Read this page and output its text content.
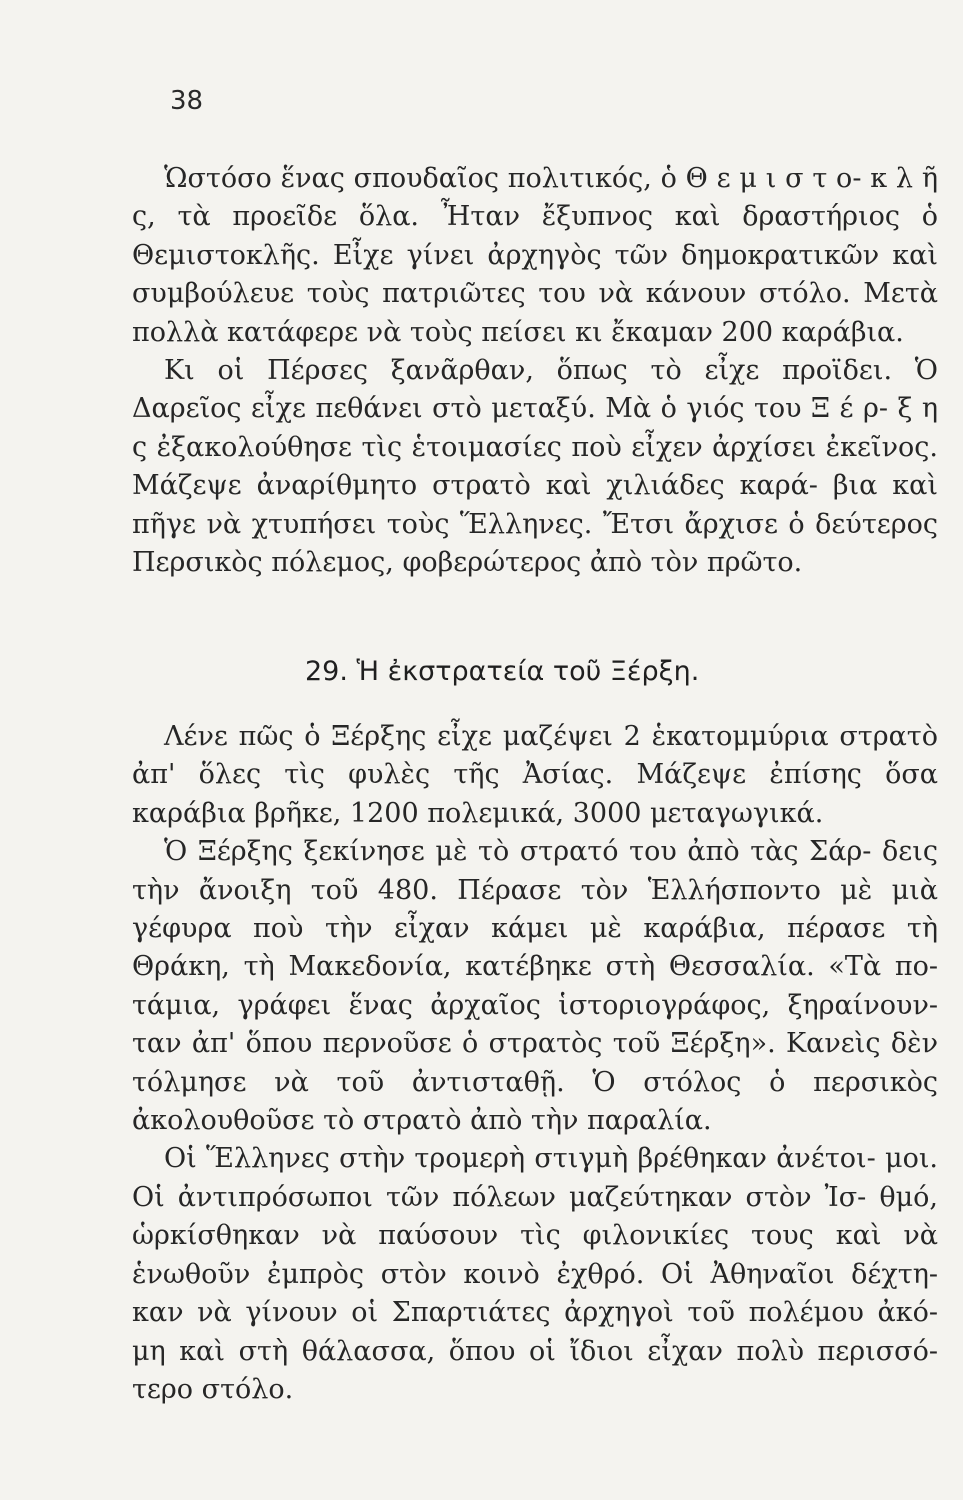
38

Ὡστόσο ἕνας σπουδαῖος πολιτικός, ὁ Θ ε μ ι σ τ ο- κ λ ῆ ς, τὰ προεῖδε ὅλα. Ἦταν ἔξυπνος καὶ δραστήριος ὁ Θεμιστοκλῆς. Εἶχε γίνει ἀρχηγὸς τῶν δημοκρατικῶν καὶ συμβούλευε τοὺς πατριῶτες του νὰ κάνουν στόλο. Μετὰ πολλὰ κατάφερε νὰ τοὺς πείσει κι ἔκαμαν 200 καράβια.

Κι οἱ Πέρσες ξανᾶρθαν, ὅπως τὸ εἶχε προϊδει. Ὁ Δαρεῖος εἶχε πεθάνει στὸ μεταξύ. Μὰ ὁ γιός του Ξ έ ρ- ξ η ς ἐξακολούθησε τὶς ἑτοιμασίες ποὺ εἶχεν ἀρχίσει ἐκεῖνος. Μάζεψε ἀναρίθμητο στρατὸ καὶ χιλιάδες καρά- βια καὶ πῆγε νὰ χτυπήσει τοὺς Ἕλληνες. Ἔτσι ἄρχισε ὁ δεύτερος Περσικὸς πόλεμος, φοβερώτερος ἀπὸ τὸν πρῶτο.

29. Ἡ ἐκστρατεία τοῦ Ξέρξη.

Λένε πῶς ὁ Ξέρξης εἶχε μαζέψει 2 ἑκατομμύρια στρατὸ ἀπ' ὅλες τὶς φυλὲς τῆς Ἀσίας. Μάζεψε ἐπίσης ὅσα καράβια βρῆκε, 1200 πολεμικά, 3000 μεταγωγικά.

Ὁ Ξέρξης ξεκίνησε μὲ τὸ στρατό του ἀπὸ τὰς Σάρ- δεις τὴν ἄνοιξη τοῦ 480. Πέρασε τὸν Ἑλλήσποντο μὲ μιὰ γέφυρα ποὺ τὴν εἶχαν κάμει μὲ καράβια, πέρασε τὴ Θράκη, τὴ Μακεδονία, κατέβηκε στὴ Θεσσαλία. «Τὰ πο- τάμια, γράφει ἕνας ἀρχαῖος ἱστοριογράφος, ξηραίνουν- ταν ἀπ' ὅπου περνοῦσε ὁ στρατὸς τοῦ Ξέρξη». Κανεὶς δὲν τόλμησε νὰ τοῦ ἀντισταθῇ. Ὁ στόλος ὁ περσικὸς ἀκολουθοῦσε τὸ στρατὸ ἀπὸ τὴν παραλία.

Οἱ Ἕλληνες στὴν τρομερὴ στιγμὴ βρέθηκαν ἀνέτοι- μοι. Οἱ ἀντιπρόσωποι τῶν πόλεων μαζεύτηκαν στὸν Ἰσ- θμό, ὡρκίσθηκαν νὰ παύσουν τὶς φιλονικίες τους καὶ νὰ ἑνωθοῦν ἐμπρὸς στὸν κοινὸ ἐχθρό. Οἱ Ἀθηναῖοι δέχτη- καν νὰ γίνουν οἱ Σπαρτιάτες ἀρχηγοὶ τοῦ πολέμου ἀκό- μη καὶ στὴ θάλασσα, ὅπου οἱ ἴδιοι εἶχαν πολὺ περισσό- τερο στόλο.
